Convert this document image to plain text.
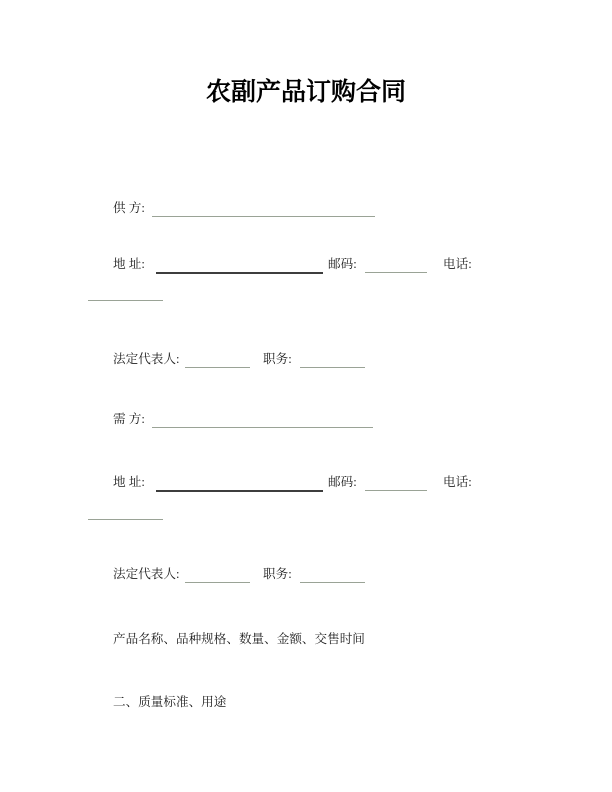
农副产品订购合同
供 方:
地 址:	邮码:	电话:
法定代表人:	职务:
需 方:
地 址:	邮码:	电话:
法定代表人:	职务:
产品名称、品种规格、数量、金额、交售时间
二、质量标准、用途
